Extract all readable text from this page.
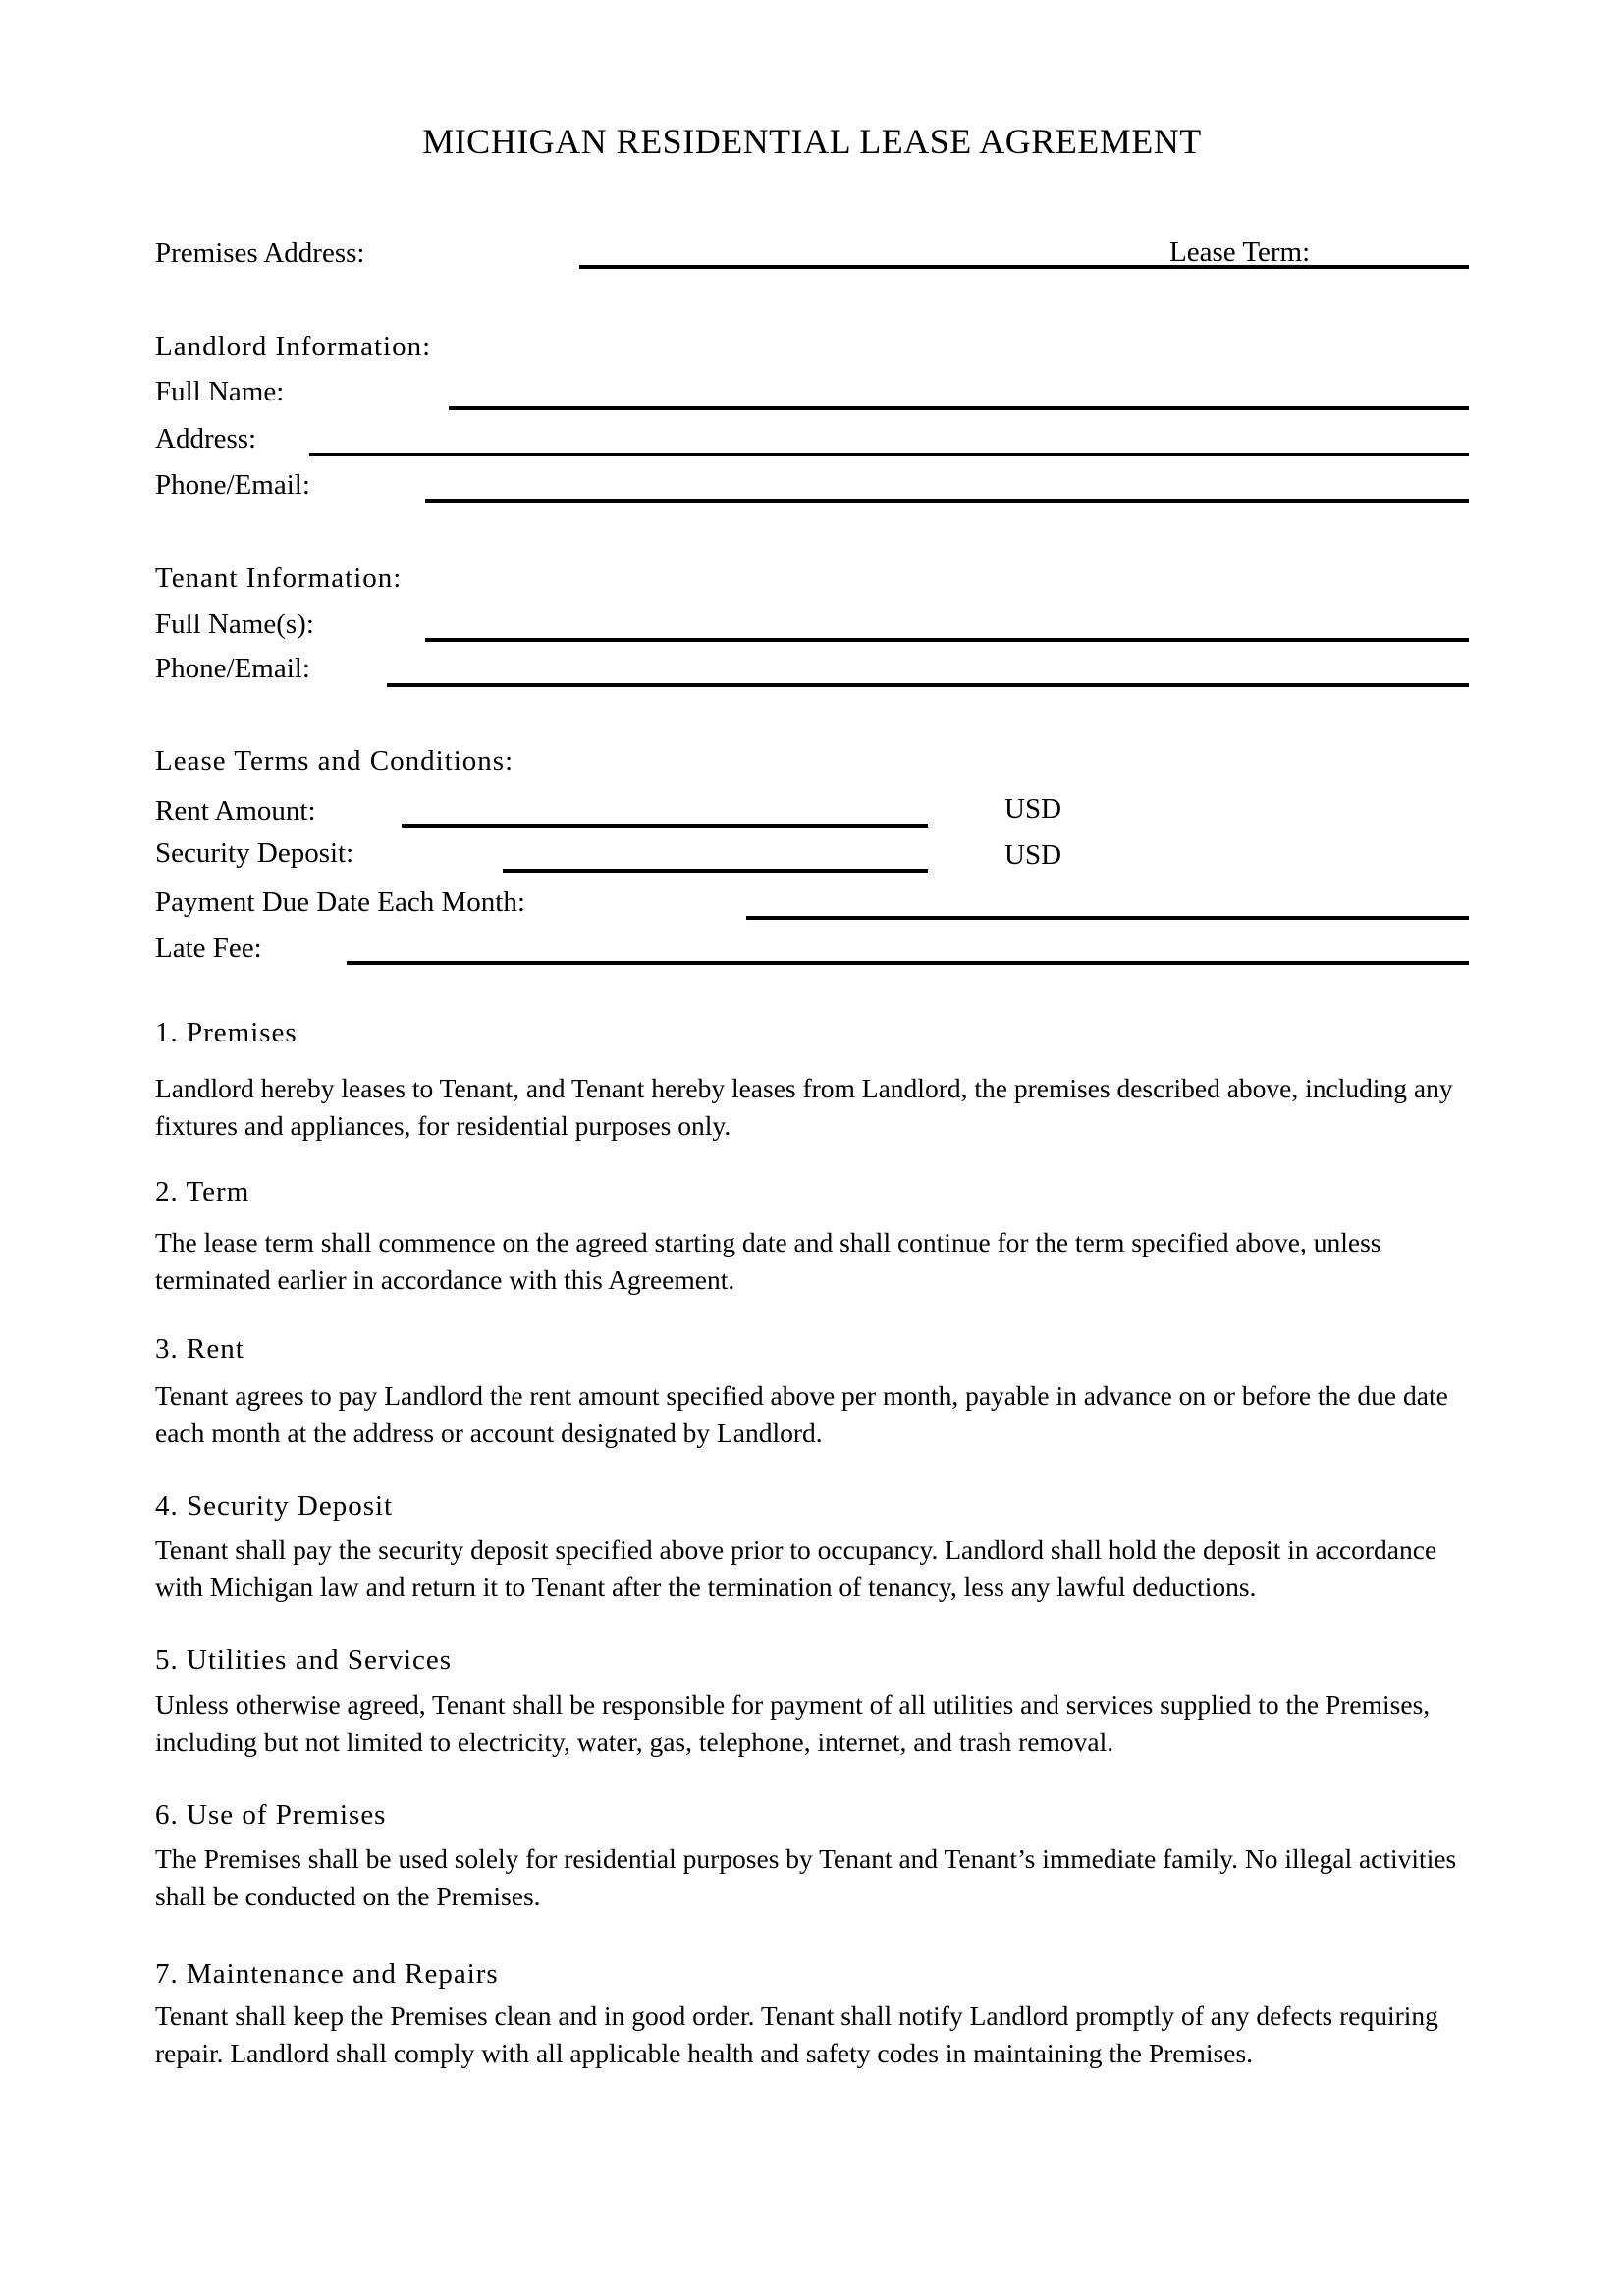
MICHIGAN RESIDENTIAL LEASE AGREEMENT
Premises Address:	Lease Term:
Landlord Information:
Full Name:
Address:
Phone/Email:
Tenant Information:
Full Name(s):
Phone/Email:
Lease Terms and Conditions:
Rent Amount:	USD
Security Deposit:	USD
Payment Due Date Each Month:
Late Fee:
1. Premises
Landlord hereby leases to Tenant, and Tenant hereby leases from Landlord, the premises described above, including any fixtures and appliances, for residential purposes only.
2. Term
The lease term shall commence on the agreed starting date and shall continue for the term specified above, unless terminated earlier in accordance with this Agreement.
3. Rent
Tenant agrees to pay Landlord the rent amount specified above per month, payable in advance on or before the due date each month at the address or account designated by Landlord.
4. Security Deposit
Tenant shall pay the security deposit specified above prior to occupancy. Landlord shall hold the deposit in accordance with Michigan law and return it to Tenant after the termination of tenancy, less any lawful deductions.
5. Utilities and Services
Unless otherwise agreed, Tenant shall be responsible for payment of all utilities and services supplied to the Premises, including but not limited to electricity, water, gas, telephone, internet, and trash removal.
6. Use of Premises
The Premises shall be used solely for residential purposes by Tenant and Tenant’s immediate family. No illegal activities shall be conducted on the Premises.
7. Maintenance and Repairs
Tenant shall keep the Premises clean and in good order. Tenant shall notify Landlord promptly of any defects requiring repair. Landlord shall comply with all applicable health and safety codes in maintaining the Premises.
